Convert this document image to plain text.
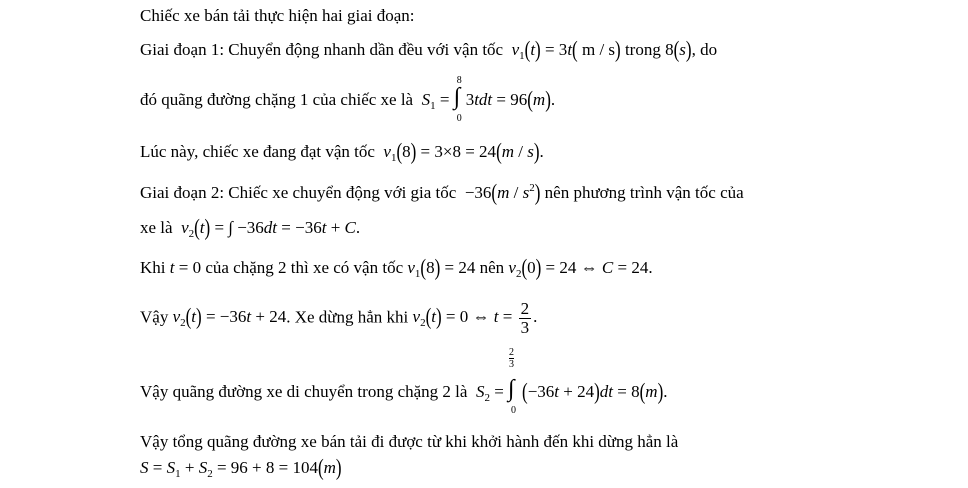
Chiếc xe bán tải thực hiện hai giai đoạn:
Giai đoạn 1: Chuyển động nhanh dần đều với vận tốc $v_1(t) = 3t$( m / s) trong 8(s), do
đó quãng đường chặng 1 của chiếc xe là $S_1$ =
8
∫
0
3tdt = 96(m).
Lúc này, chiếc xe đang đạt vận tốc $v_1(8) = 3\times 8 = 24(m / s)$.
Giai đoạn 2: Chiếc xe chuyển động với gia tốc  $-36(m / s^2)$ nên phương trình vận tốc của
xe là $v_2(t)$ = ∫ −36dt = −36t + C.
Khi t = 0 của chặng 2 thì xe có vận tốc $v_1(8) = 24$ nên $v_2(0) = 24$ ⇔ C = 24.
Vậy $v_2(t) = -36t + 24$. Xe dừng hẳn khi $v_2(t) = 0$ ⇔ $t = \frac{2}{3}$ .
Vậy quãng đường xe di chuyển trong chặng 2 là $S_2$ =
2
3
∫
0
(−36t + 24)dt = 8(m).
Vậy tổng quãng đường xe bán tải đi được từ khi khởi hành đến khi dừng hẳn là
$S = S_1 + S_2 = 96 + 8 = 104(m)$
